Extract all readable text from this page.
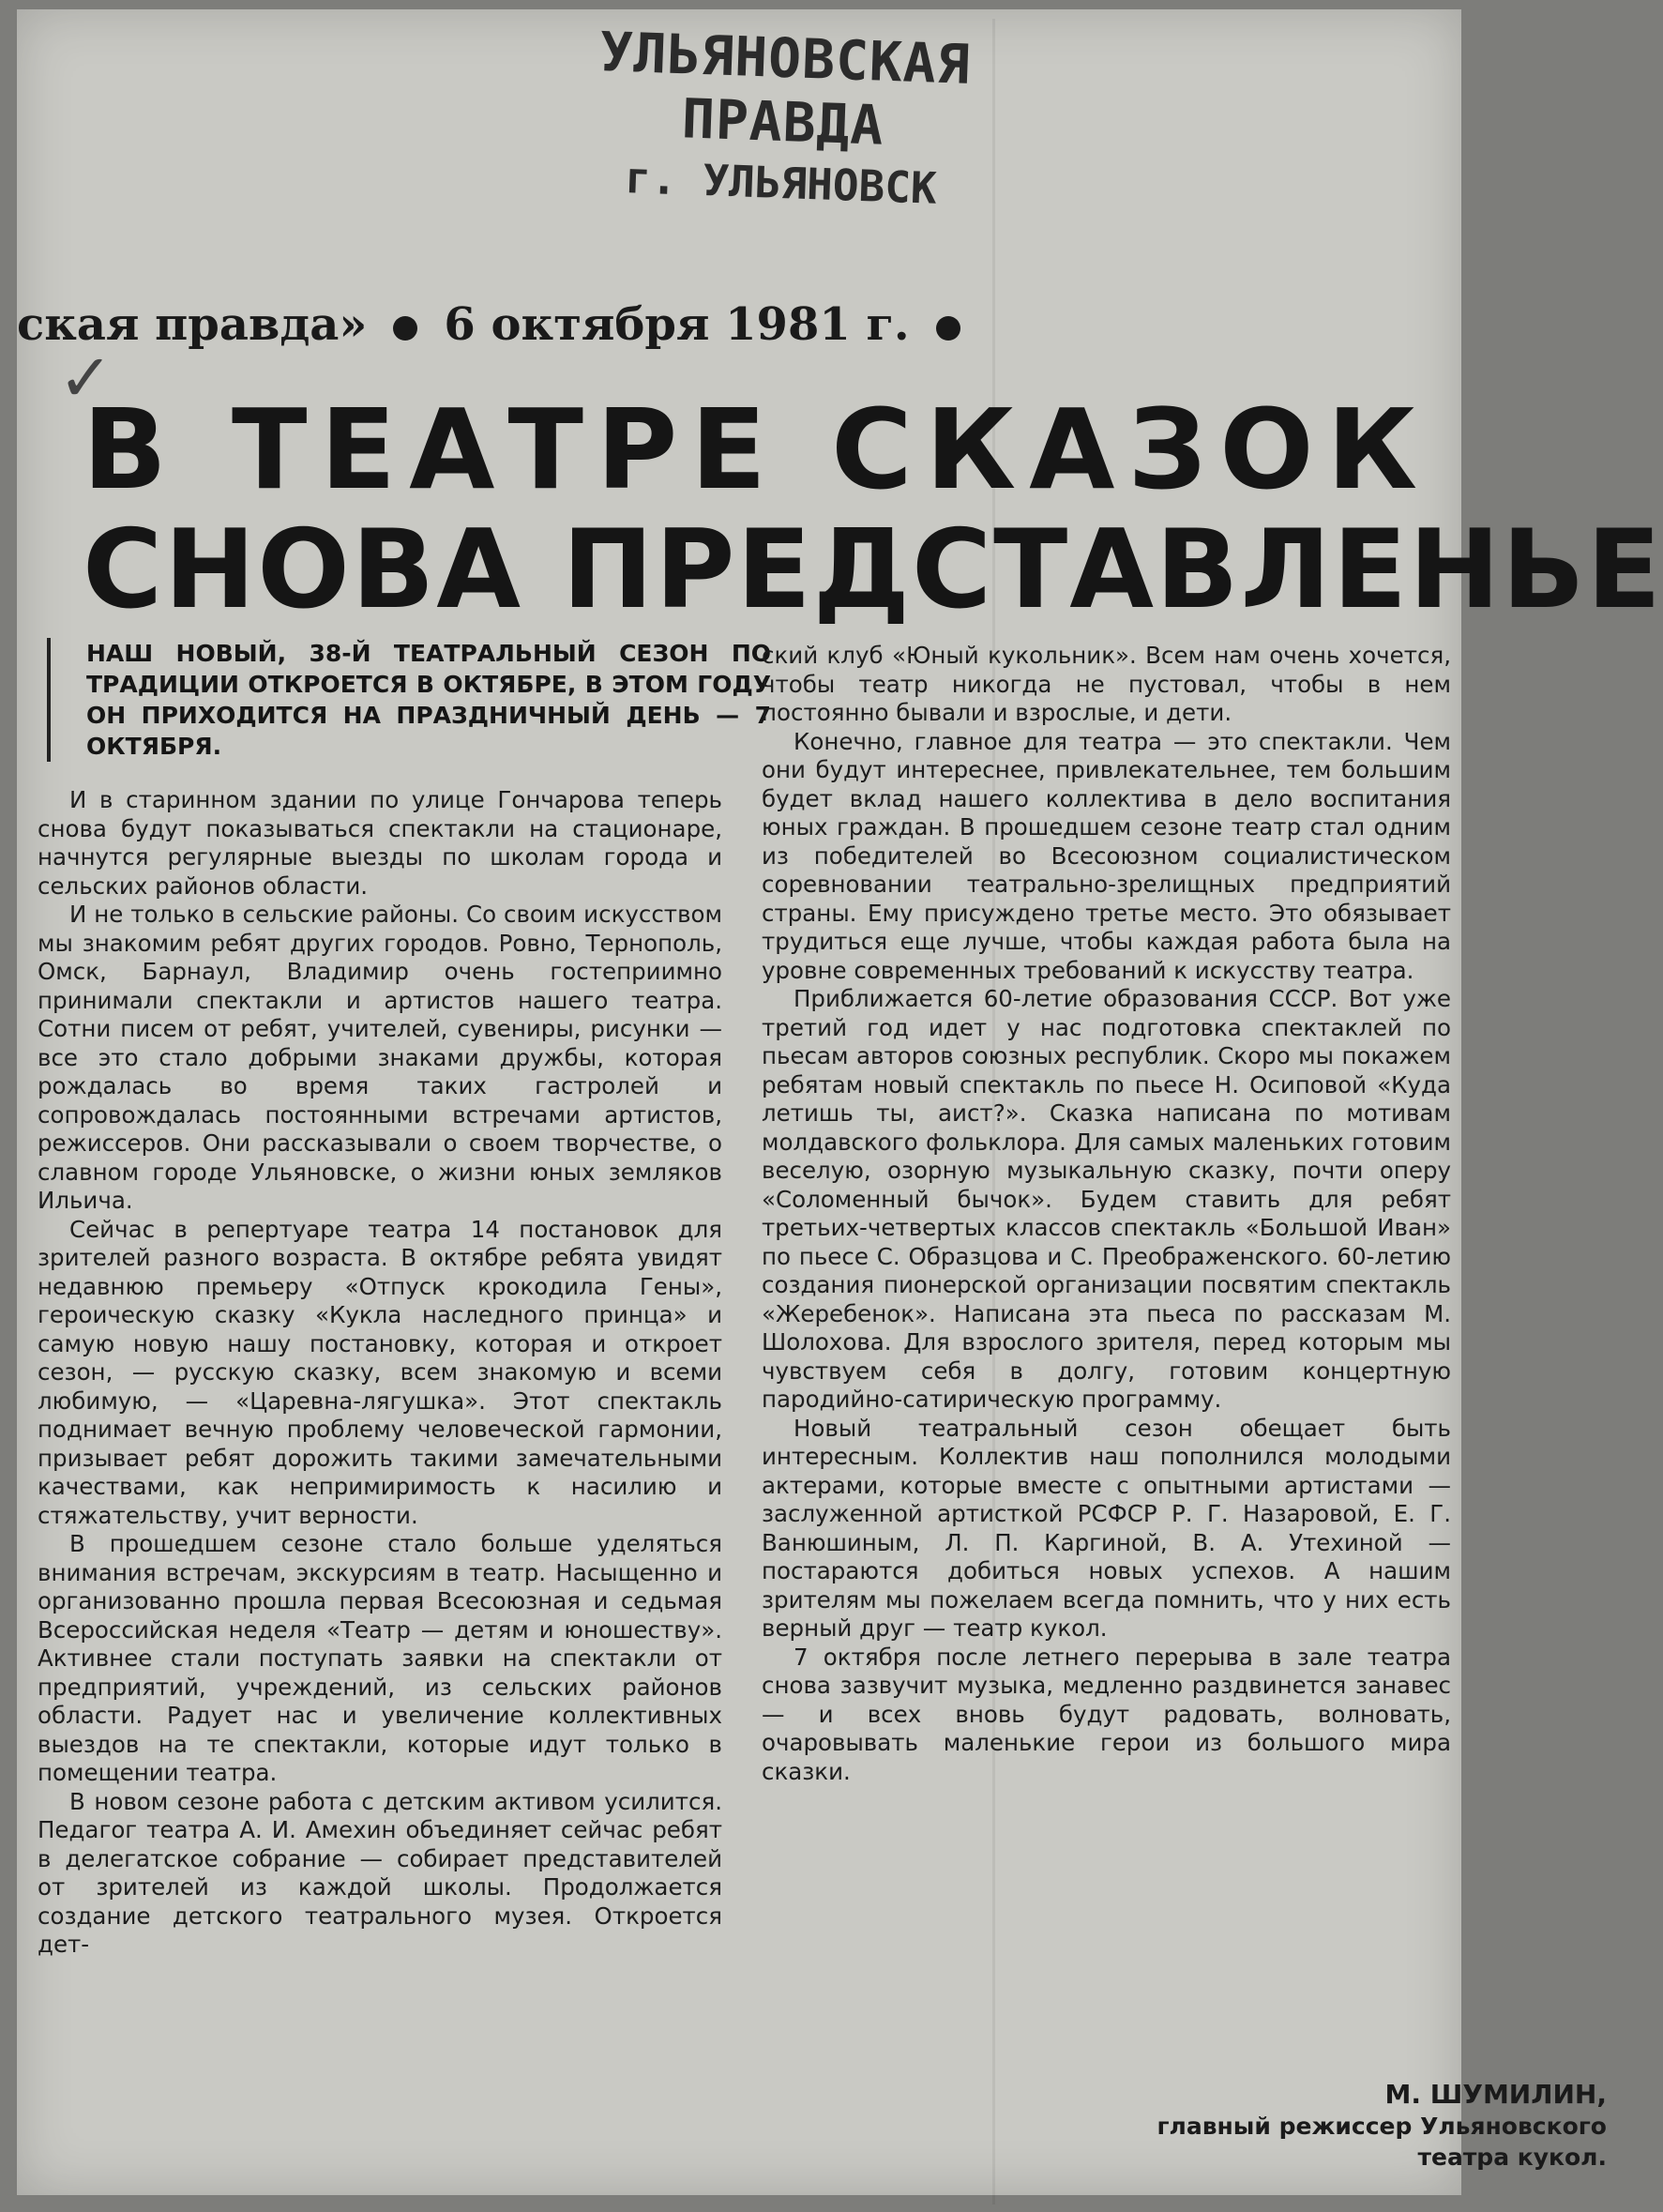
УЛЬЯНОВСКАЯ ПРАВДА
г. УЛЬЯНОВСК
ская правда» 6 октября 1981 г.
✓
В ТЕАТРЕ СКАЗОК
СНОВА ПРЕДСТАВЛЕНЬЕ
НАШ НОВЫЙ, 38-Й ТЕАТРАЛЬНЫЙ СЕЗОН ПО ТРАДИЦИИ ОТКРОЕТСЯ В ОКТЯБРЕ, В ЭТОМ ГОДУ ОН ПРИХОДИТСЯ НА ПРАЗДНИЧНЫЙ ДЕНЬ — 7 ОКТЯБРЯ.

И в старинном здании по улице Гончарова теперь снова будут показываться спектакли на стационаре, начнутся регулярные выезды по школам города и сельских районов области.

И не только в сельские районы. Со своим искусством мы знакомим ребят других городов. Ровно, Тернополь, Омск, Барнаул, Владимир очень гостеприимно принимали спектакли и артистов нашего театра. Сотни писем от ребят, учителей, сувениры, рисунки — все это стало добрыми знаками дружбы, которая рождалась во время таких гастролей и сопровождалась постоянными встречами артистов, режиссеров. Они рассказывали о своем творчестве, о славном городе Ульяновске, о жизни юных земляков Ильича.

Сейчас в репертуаре театра 14 постановок для зрителей разного возраста. В октябре ребята увидят недавнюю премьеру «Отпуск крокодила Гены», героическую сказку «Кукла наследного принца» и самую новую нашу постановку, которая и откроет сезон, — русскую сказку, всем знакомую и всеми любимую, — «Царевна-лягушка». Этот спектакль поднимает вечную проблему человеческой гармонии, призывает ребят дорожить такими замечательными качествами, как непримиримость к насилию и стяжательству, учит верности.

В прошедшем сезоне стало больше уделяться внимания встречам, экскурсиям в театр. Насыщенно и организованно прошла первая Всесоюзная и седьмая Всероссийская неделя «Театр — детям и юношеству». Активнее стали поступать заявки на спектакли от предприятий, учреждений, из сельских районов области. Радует нас и увеличение коллективных выездов на те спектакли, которые идут только в помещении театра.

В новом сезоне работа с детским активом усилится. Педагог театра А. И. Амехин объединяет сейчас ребят в делегатское собрание — собирает представителей от зрителей из каждой школы. Продолжается создание детского театрального музея. Откроется дет-

ский клуб «Юный кукольник». Всем нам очень хочется, чтобы театр никогда не пустовал, чтобы в нем постоянно бывали и взрослые, и дети.

Конечно, главное для театра — это спектакли. Чем они будут интереснее, привлекательнее, тем большим будет вклад нашего коллектива в дело воспитания юных граждан. В прошедшем сезоне театр стал одним из победителей во Всесоюзном социалистическом соревновании театрально-зрелищных предприятий страны. Ему присуждено третье место. Это обязывает трудиться еще лучше, чтобы каждая работа была на уровне современных требований к искусству театра.

Приближается 60-летие образования СССР. Вот уже третий год идет у нас подготовка спектаклей по пьесам авторов союзных республик. Скоро мы покажем ребятам новый спектакль по пьесе Н. Осиповой «Куда летишь ты, аист?». Сказка написана по мотивам молдавского фольклора. Для самых маленьких готовим веселую, озорную музыкальную сказку, почти оперу «Соломенный бычок». Будем ставить для ребят третьих-четвертых классов спектакль «Большой Иван» по пьесе С. Образцова и С. Преображенского. 60-летию создания пионерской организации посвятим спектакль «Жеребенок». Написана эта пьеса по рассказам М. Шолохова. Для взрослого зрителя, перед которым мы чувствуем себя в долгу, готовим концертную пародийно-сатирическую программу.

Новый театральный сезон обещает быть интересным. Коллектив наш пополнился молодыми актерами, которые вместе с опытными артистами — заслуженной артисткой РСФСР Р. Г. Назаровой, Е. Г. Ванюшиным, Л. П. Каргиной, В. А. Утехиной — постараются добиться новых успехов. А нашим зрителям мы пожелаем всегда помнить, что у них есть верный друг — театр кукол.

7 октября после летнего перерыва в зале театра снова зазвучит музыка, медленно раздвинется занавес — и всех вновь будут радовать, волновать, очаровывать маленькие герои из большого мира сказки.

М. ШУМИЛИН,
главный режиссер Ульяновского
театра кукол.
